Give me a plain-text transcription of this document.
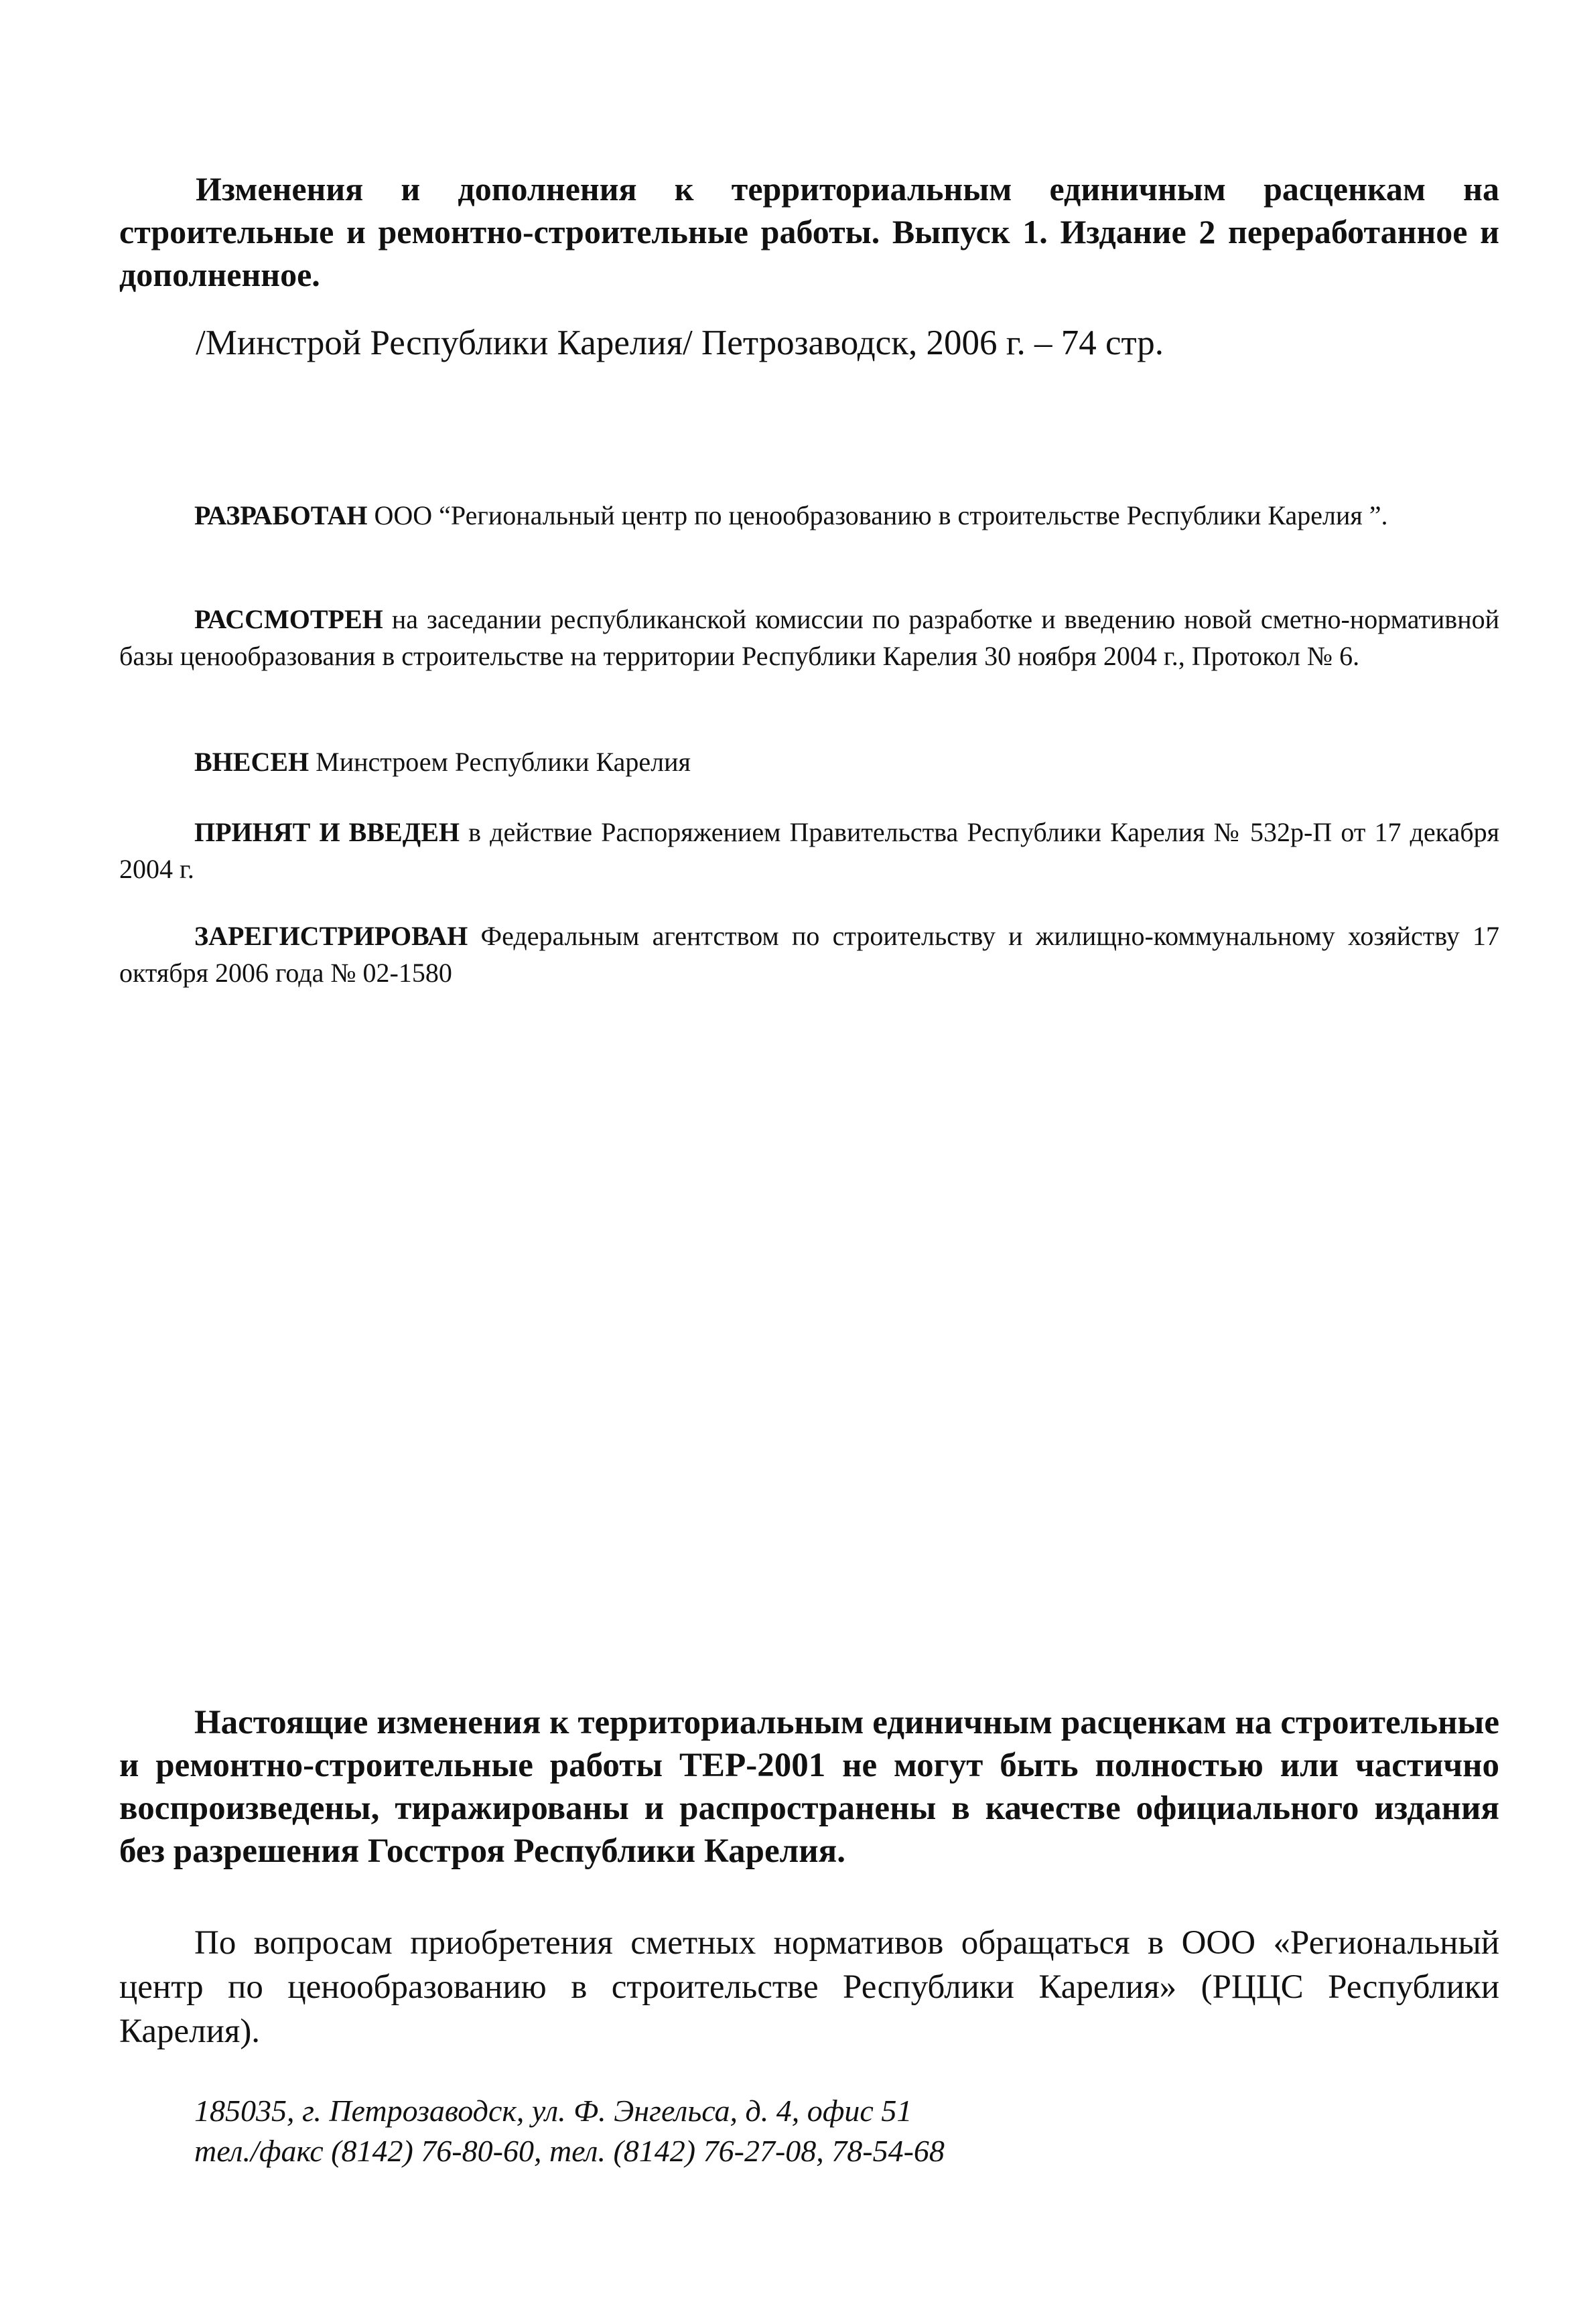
Изменения и дополнения к территориальным единичным расценкам на строительные и ремонтно-строительные работы. Выпуск 1. Издание 2 переработанное и дополненное.
/Минстрой Республики Карелия/ Петрозаводск, 2006 г. – 74 стр.
РАЗРАБОТАН ООО “Региональный центр по ценообразованию в строительстве Республики Карелия ”.
РАССМОТРЕН на заседании республиканской комиссии по разработке и введению новой сметно-нормативной базы ценообразования в строительстве на территории Республики Карелия 30 ноября 2004 г., Протокол № 6.
ВНЕСЕН Минстроем Республики Карелия
ПРИНЯТ И ВВЕДЕН в действие Распоряжением Правительства Республики Карелия № 532р-П от 17 декабря 2004 г.
ЗАРЕГИСТРИРОВАН Федеральным агентством по строительству и жилищно-коммунальному хозяйству 17 октября 2006 года № 02-1580
Настоящие изменения к территориальным единичным расценкам на строительные и ремонтно-строительные работы ТЕР-2001 не могут быть полностью или частично воспроизведены, тиражированы и распространены в качестве официального издания без разрешения Госстроя Республики Карелия.
По вопросам приобретения сметных нормативов обращаться в ООО «Региональный центр по ценообразованию в строительстве Республики Карелия» (РЦЦС Республики Карелия).
185035, г. Петрозаводск, ул. Ф. Энгельса, д. 4, офис 51
тел./факс (8142) 76-80-60, тел. (8142) 76-27-08, 78-54-68
